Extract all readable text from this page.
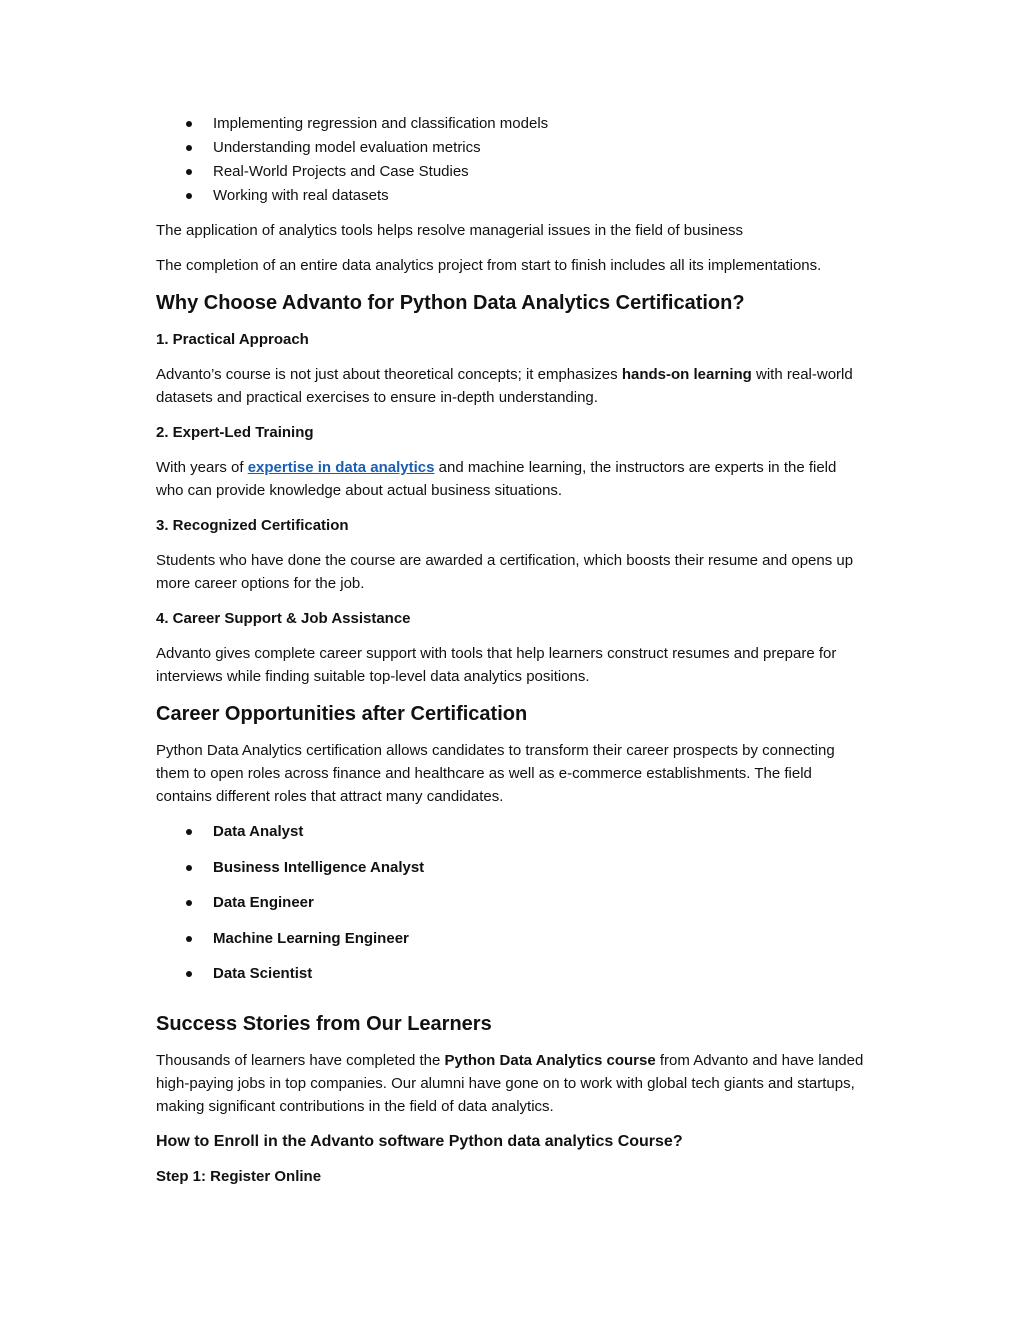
Implementing regression and classification models
Understanding model evaluation metrics
Real-World Projects and Case Studies
Working with real datasets

The application of analytics tools helps resolve managerial issues in the field of business

The completion of an entire data analytics project from start to finish includes all its implementations.

Why Choose Advanto for Python Data Analytics Certification?
1. Practical Approach

Advanto’s course is not just about theoretical concepts; it emphasizes hands-on learning with real-world datasets and practical exercises to ensure in-depth understanding.

2. Expert-Led Training

With years of expertise in data analytics and machine learning, the instructors are experts in the field who can provide knowledge about actual business situations.

3. Recognized Certification

Students who have done the course are awarded a certification, which boosts their resume and opens up more career options for the job.

4. Career Support & Job Assistance

Advanto gives complete career support with tools that help learners construct resumes and prepare for interviews while finding suitable top-level data analytics positions.

Career Opportunities after Certification

Python Data Analytics certification allows candidates to transform their career prospects by connecting them to open roles across finance and healthcare as well as e-commerce establishments. The field contains different roles that attract many candidates.

Data Analyst
Business Intelligence Analyst
Data Engineer
Machine Learning Engineer
Data Scientist
Success Stories from Our Learners

Thousands of learners have completed the Python Data Analytics course from Advanto and have landed high-paying jobs in top companies. Our alumni have gone on to work with global tech giants and startups, making significant contributions in the field of data analytics.

How to Enroll in the Advanto software Python data analytics Course?
Step 1: Register Online
